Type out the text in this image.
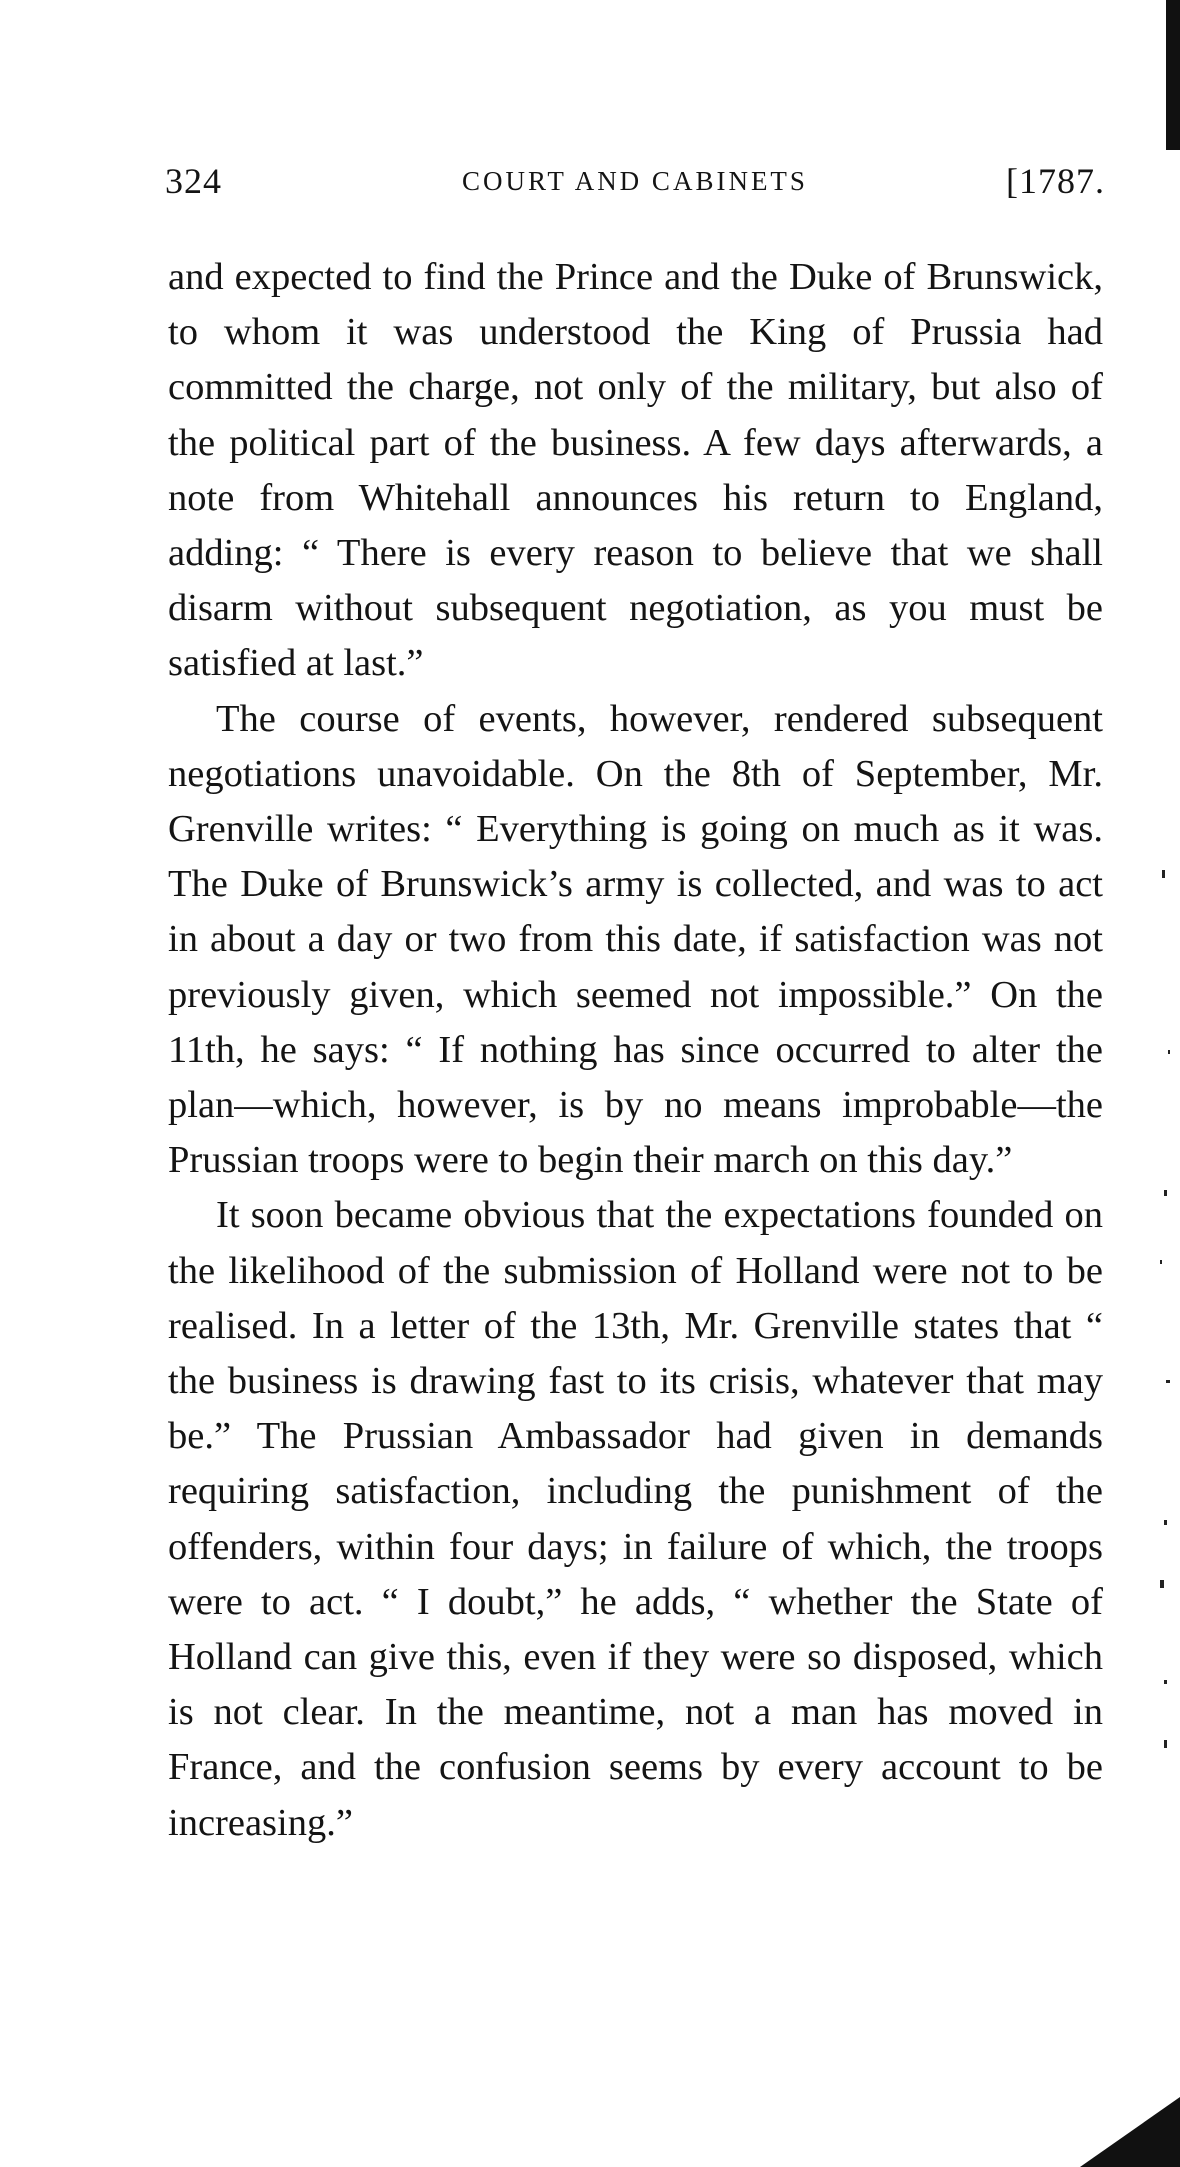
324	COURT AND CABINETS	[1787.

and expected to find the Prince and the Duke of Brunswick, to whom it was understood the King of Prussia had committed the charge, not only of the military, but also of the political part of the business. A few days afterwards, a note from Whitehall announces his return to England, adding: “ There is every reason to believe that we shall disarm without subsequent negotiation, as you must be satisfied at last.”

The course of events, however, rendered subsequent negotiations unavoidable. On the 8th of September, Mr. Grenville writes: “ Everything is going on much as it was. The Duke of Brunswick’s army is collected, and was to act in about a day or two from this date, if satisfaction was not previously given, which seemed not impossible.” On the 11th, he says: “ If nothing has since occurred to alter the plan—which, however, is by no means improbable—the Prussian troops were to begin their march on this day.”

It soon became obvious that the expectations founded on the likelihood of the submission of Holland were not to be realised. In a letter of the 13th, Mr. Grenville states that “ the business is drawing fast to its crisis, whatever that may be.” The Prussian Ambassador had given in demands requiring satisfaction, including the punishment of the offenders, within four days; in failure of which, the troops were to act. “ I doubt,” he adds, “ whether the State of Holland can give this, even if they were so disposed, which is not clear. In the meantime, not a man has moved in France, and the confusion seems by every account to be increasing.”
